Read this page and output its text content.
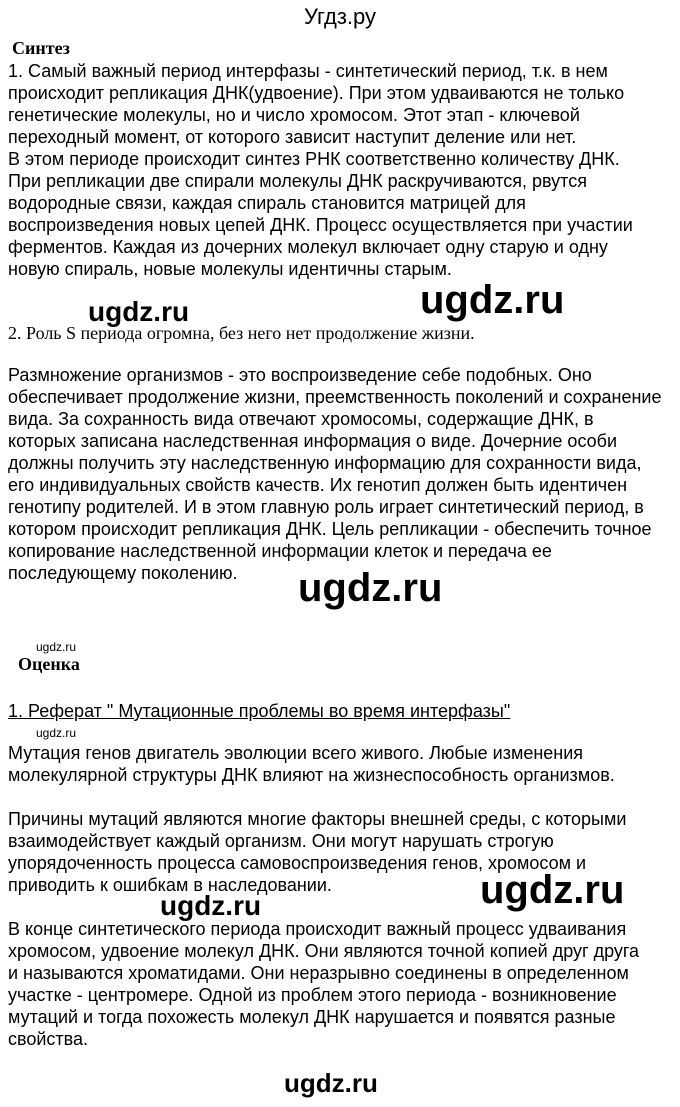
Угдз.ру
Синтез
1. Самый важный период интерфазы - синтетический период, т.к. в нем
происходит репликация ДНК(удвоение). При этом удваиваются не только
генетические молекулы, но и число хромосом. Этот этап - ключевой
переходный момент, от которого зависит наступит деление или нет.
В этом периоде происходит синтез РНК соответственно количеству ДНК.
При репликации две спирали молекулы ДНК раскручиваются, рвутся
водородные связи, каждая спираль становится матрицей для
воспроизведения новых цепей ДНК. Процесс осуществляется при участии
ферментов. Каждая из дочерних молекул включает одну старую и одну
новую спираль, новые молекулы идентичны старым.
2. Роль S периода огромна, без него нет продолжение жизни.
Размножение организмов - это воспроизведение себе подобных. Оно
обеспечивает продолжение жизни, преемственность поколений и сохранение
вида. За сохранность вида отвечают хромосомы, содержащие ДНК, в
которых записана наследственная информация о виде. Дочерние особи
должны получить эту наследственную информацию для сохранности вида,
его индивидуальных свойств качеств. Их генотип должен быть идентичен
генотипу родителей. И в этом главную роль играет синтетический период, в
котором происходит репликация ДНК. Цель репликации - обеспечить точное
копирование наследственной информации клеток и передача ее
последующему поколению.
Оценка
1. Реферат " Мутационные проблемы во время интерфазы"
Мутация генов двигатель эволюции всего живого. Любые изменения
молекулярной структуры ДНК влияют на жизнеспособность организмов.
Причины мутаций являются многие факторы внешней среды, с которыми
взаимодействует каждый организм. Они могут нарушать строгую
упорядоченность процесса самовоспроизведения генов, хромосом и
приводить к ошибкам в наследовании.
В конце синтетического периода происходит важный процесс удваивания
хромосом, удвоение молекул ДНК. Они являются точной копией друг друга
и называются хроматидами. Они неразрывно соединены в определенном
участке - центромере. Одной из проблем этого периода - возникновение
мутаций и тогда похожесть молекул ДНК нарушается и появятся разные
свойства.
ugdz.ru	ugdz.ru
ugdz.ru
ugdz.ru
ugdz.ru
ugdz.ru
ugdz.ru
ugdz.ru
